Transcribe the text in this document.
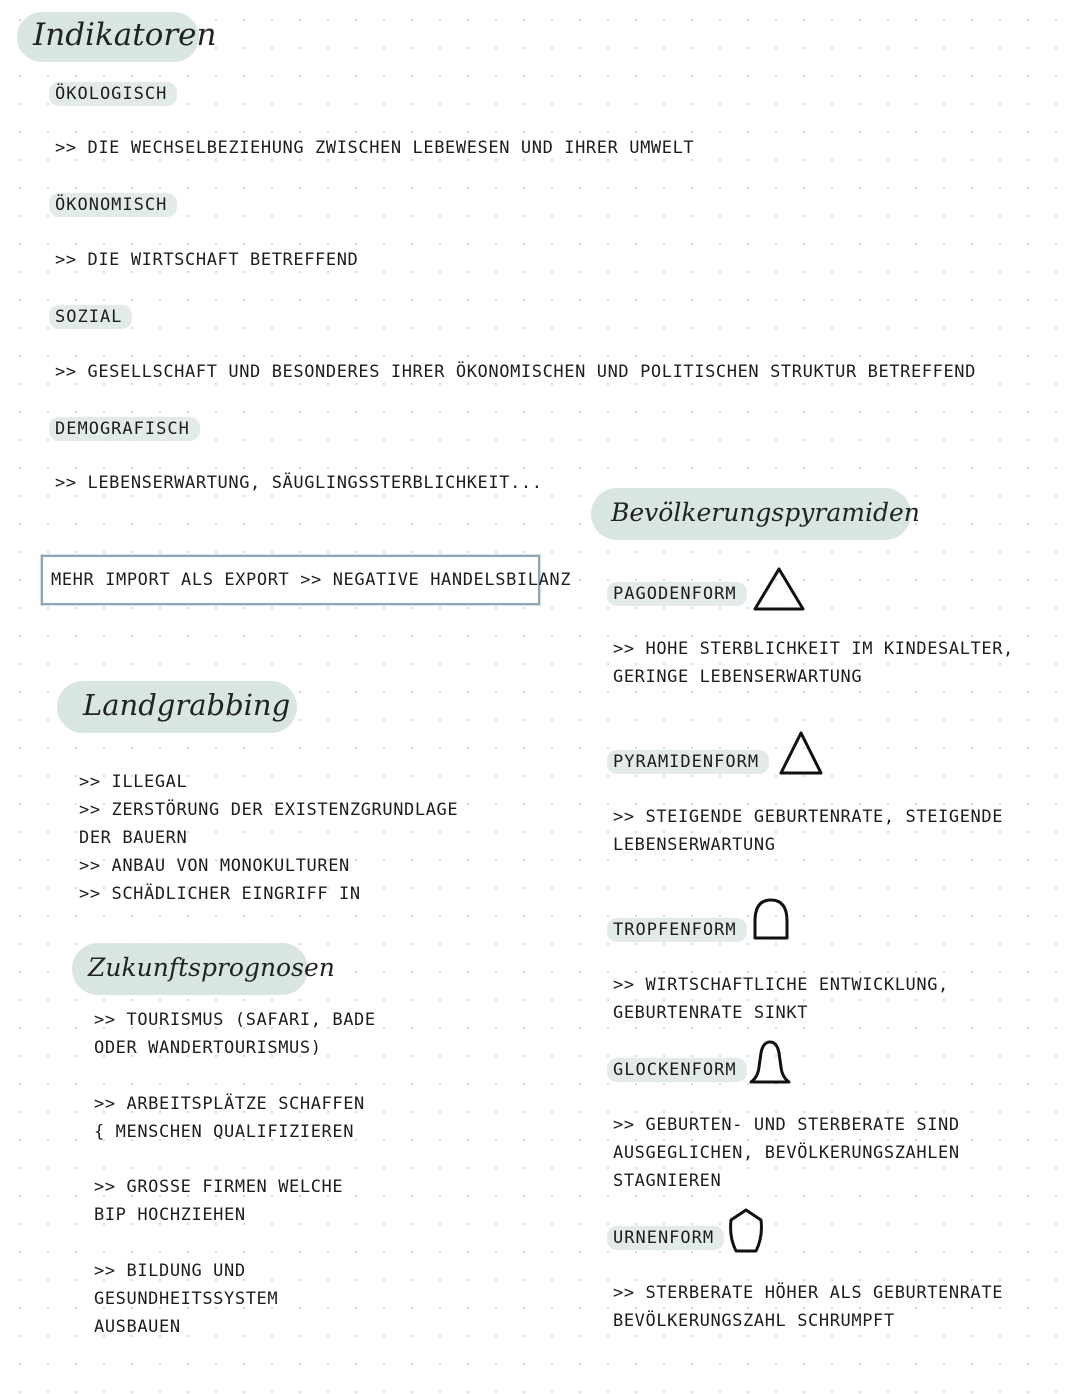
Indikatoren
ÖKOLOGISCH
>> DIE WECHSELBEZIEHUNG ZWISCHEN LEBEWESEN UND IHRER UMWELT
ÖKONOMISCH
>> DIE WIRTSCHAFT BETREFFEND
SOZIAL
>> GESELLSCHAFT UND BESONDERES IHRER ÖKONOMISCHEN UND POLITISCHEN STRUKTUR BETREFFEND
DEMOGRAFISCH
>> LEBENSERWARTUNG, SÄUGLINGSSTERBLICHKEIT...
MEHR IMPORT ALS EXPORT >> NEGATIVE HANDELSBILANZ
Landgrabbing
>> ILLEGAL
>> ZERSTÖRUNG DER EXISTENZGRUNDLAGE
DER BAUERN
>> ANBAU VON MONOKULTUREN
>> SCHÄDLICHER EINGRIFF IN
Zukunftsprognosen
>> TOURISMUS (SAFARI, BADE
ODER WANDERTOURISMUS)
>> ARBEITSPLÄTZE SCHAFFEN
{ MENSCHEN QUALIFIZIEREN
>> GROSSE FIRMEN WELCHE
BIP HOCHZIEHEN
>> BILDUNG UND
GESUNDHEITSSYSTEM
AUSBAUEN
Bevölkerungspyramiden
PAGODENFORM
>> HOHE STERBLICHKEIT IM KINDESALTER,
GERINGE LEBENSERWARTUNG
PYRAMIDENFORM
>> STEIGENDE GEBURTENRATE, STEIGENDE
LEBENSERWARTUNG
TROPFENFORM
>> WIRTSCHAFTLICHE ENTWICKLUNG,
GEBURTENRATE SINKT
GLOCKENFORM
>> GEBURTEN- UND STERBERATE SIND
AUSGEGLICHEN, BEVÖLKERUNGSZAHLEN
STAGNIEREN
URNENFORM
>> STERBERATE HÖHER ALS GEBURTENRATE
BEVÖLKERUNGSZAHL SCHRUMPFT
